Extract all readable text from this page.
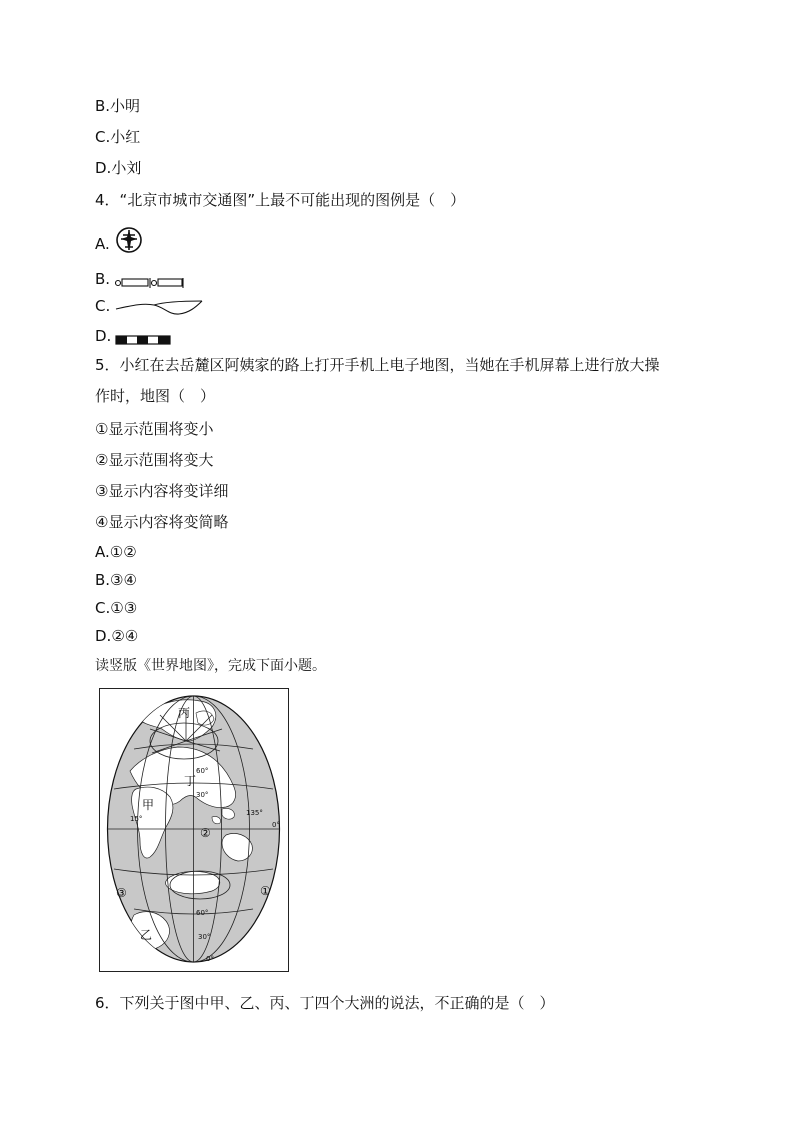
B.小明
C.小红
D.小刘
4．“北京市城市交通图”上最不可能出现的图例是（　）
A.
B.
C.
D.
5．小红在去岳麓区阿姨家的路上打开手机上电子地图，当她在手机屏幕上进行放大操
作时，地图（　）
①显示范围将变小
②显示范围将变大
③显示内容将变详细
④显示内容将变简略
A.①②
B.③④
C.①③
D.②④
读竖版《世界地图》，完成下面小题。
丙
丁
甲
乙
②
③	①
60°
30°
15°
135°
0°
60°
30°
0°
6．下列关于图中甲、乙、丙、丁四个大洲的说法，不正确的是（　）
